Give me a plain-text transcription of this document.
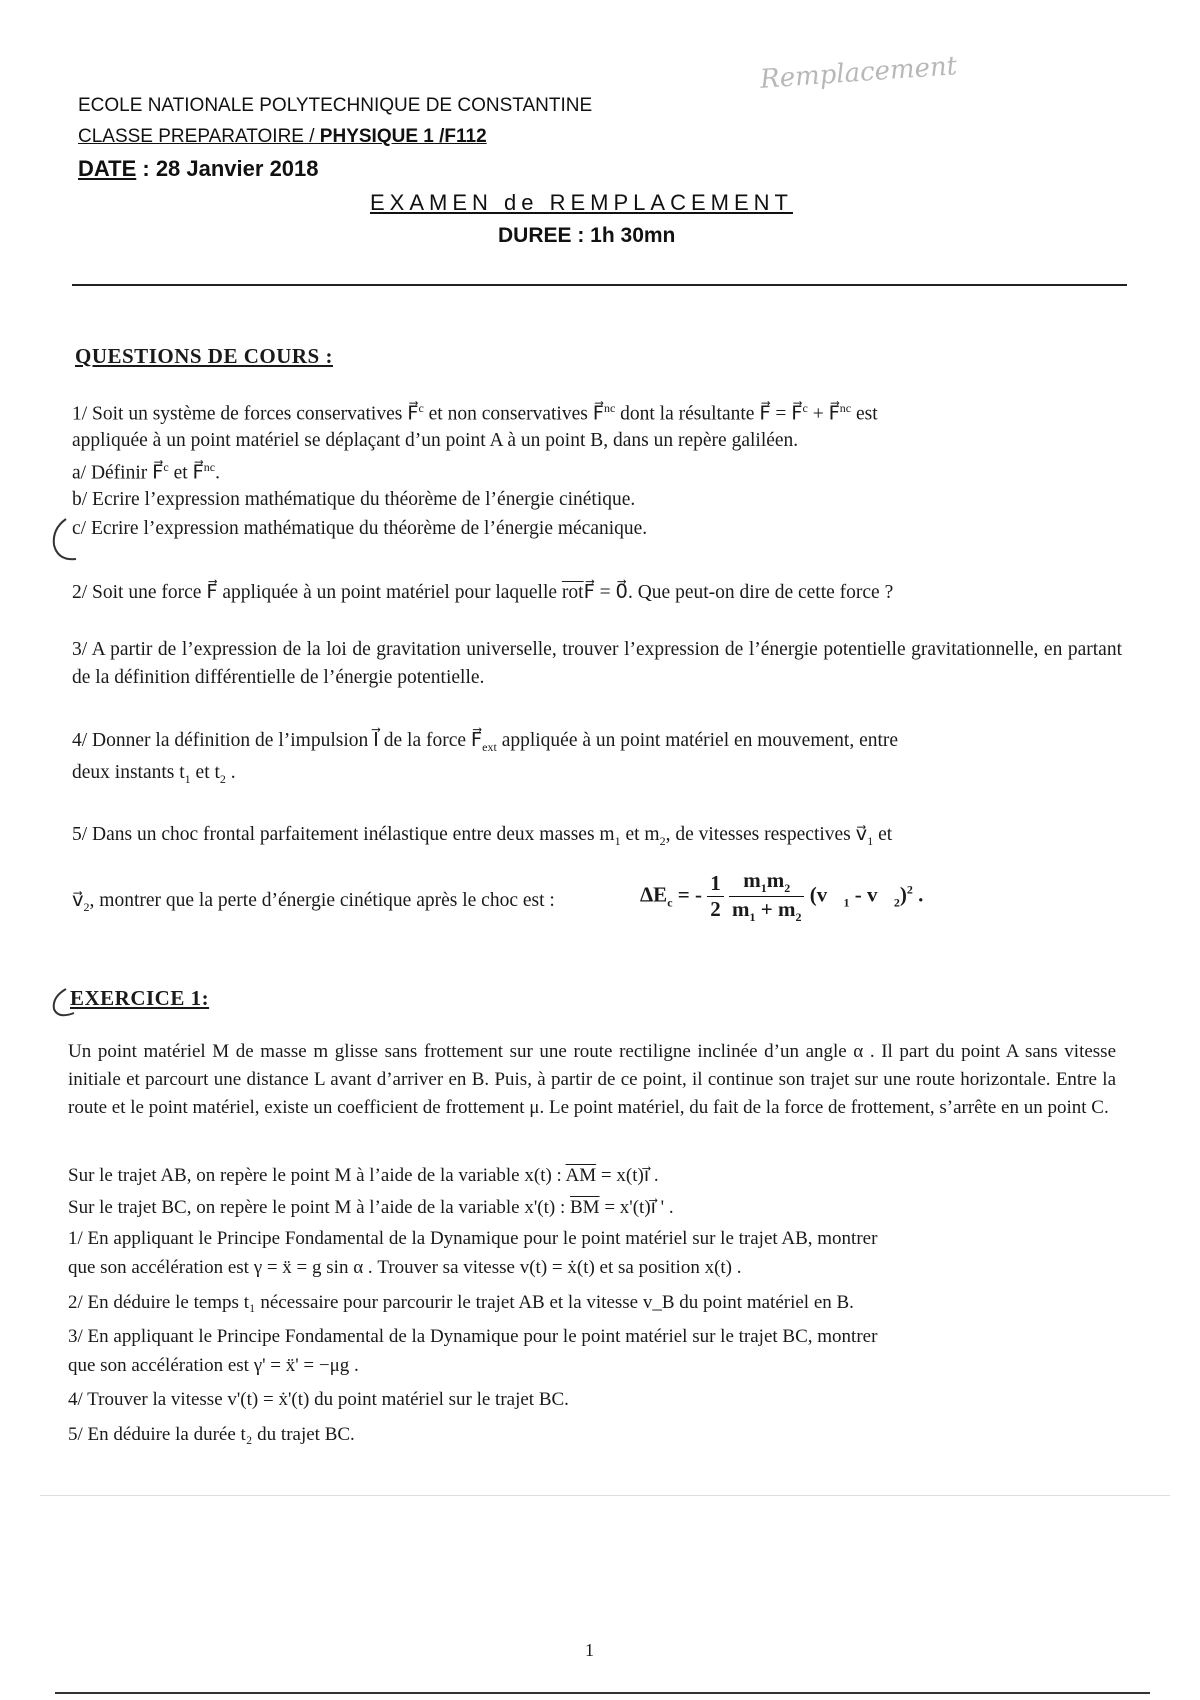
Remplacement
ECOLE NATIONALE POLYTECHNIQUE DE CONSTANTINE
CLASSE PREPARATOIRE / PHYSIQUE 1 /F112
DATE : 28 Janvier 2018
EXAMEN de REMPLACEMENT
DUREE : 1h 30mn
QUESTIONS DE COURS :
1/ Soit un système de forces conservatives F⃗$^c$ et non conservatives F⃗$^{nc}$ dont la résultante F⃗ = F⃗$^c$ + F⃗$^{nc}$ est
appliquée à un point matériel se déplaçant d’un point A à un point B, dans un repère galiléen.
a/ Définir F⃗$^c$ et F⃗$^{nc}$.
b/ Ecrire l’expression mathématique du théorème de l’énergie cinétique.
c/ Ecrire l’expression mathématique du théorème de l’énergie mécanique.
2/ Soit une force F⃗ appliquée à un point matériel pour laquelle $\overline{rot}F⃗$ = 0⃗. Que peut-on dire de cette force ?
3/ A partir de l’expression de la loi de gravitation universelle, trouver l’expression de l’énergie potentielle gravitationnelle, en partant de la définition différentielle de l’énergie potentielle.
4/ Donner la définition de l’impulsion I⃗ de la force $F⃗_{ext}$ appliquée à un point matériel en mouvement, entre
deux instants $t_1$ et $t_2$ .
5/ Dans un choc frontal parfaitement inélastique entre deux masses $m_1$ et $m_2$, de vitesses respectives $v⃗_1$ et
$v⃗_2$, montrer que la perte d’énergie cinétique après le choc est :	$\Delta E_c$ = - $\frac{1}{2}$
$\frac{m_1m_2}{m_1 + m_2}$ ($v⃗_1$ - $v⃗_2)^2$ .
EXERCICE 1:
Un point matériel M de masse m glisse sans frottement sur une route rectiligne inclinée d’un angle α . Il part du point A sans vitesse initiale et parcourt une distance L avant d’arriver en B. Puis, à partir de ce point, il continue son trajet sur une route horizontale. Entre la route et le point matériel, existe un coefficient de frottement μ. Le point matériel, du fait de la force de frottement, s’arrête en un point C.
Sur le trajet AB, on repère le point M à l’aide de la variable x(t) : $\overline{AM}$ = x(t)i⃗ .
Sur le trajet BC, on repère le point M à l’aide de la variable x'(t) : $\overline{BM}$ = x'(t)i⃗ ' .
1/ En appliquant le Principe Fondamental de la Dynamique pour le point matériel sur le trajet AB, montrer
que son accélération est γ = ẍ = g sin α . Trouver sa vitesse v(t) = ẋ(t) et sa position x(t) .
2/ En déduire le temps t₁ nécessaire pour parcourir le trajet AB et la vitesse v_B du point matériel en B.
3/ En appliquant le Principe Fondamental de la Dynamique pour le point matériel sur le trajet BC, montrer
que son accélération est γ' = ẍ' = −μg .
4/ Trouver la vitesse v'(t) = ẋ'(t) du point matériel sur le trajet BC.
5/ En déduire la durée t₂ du trajet BC.
1
